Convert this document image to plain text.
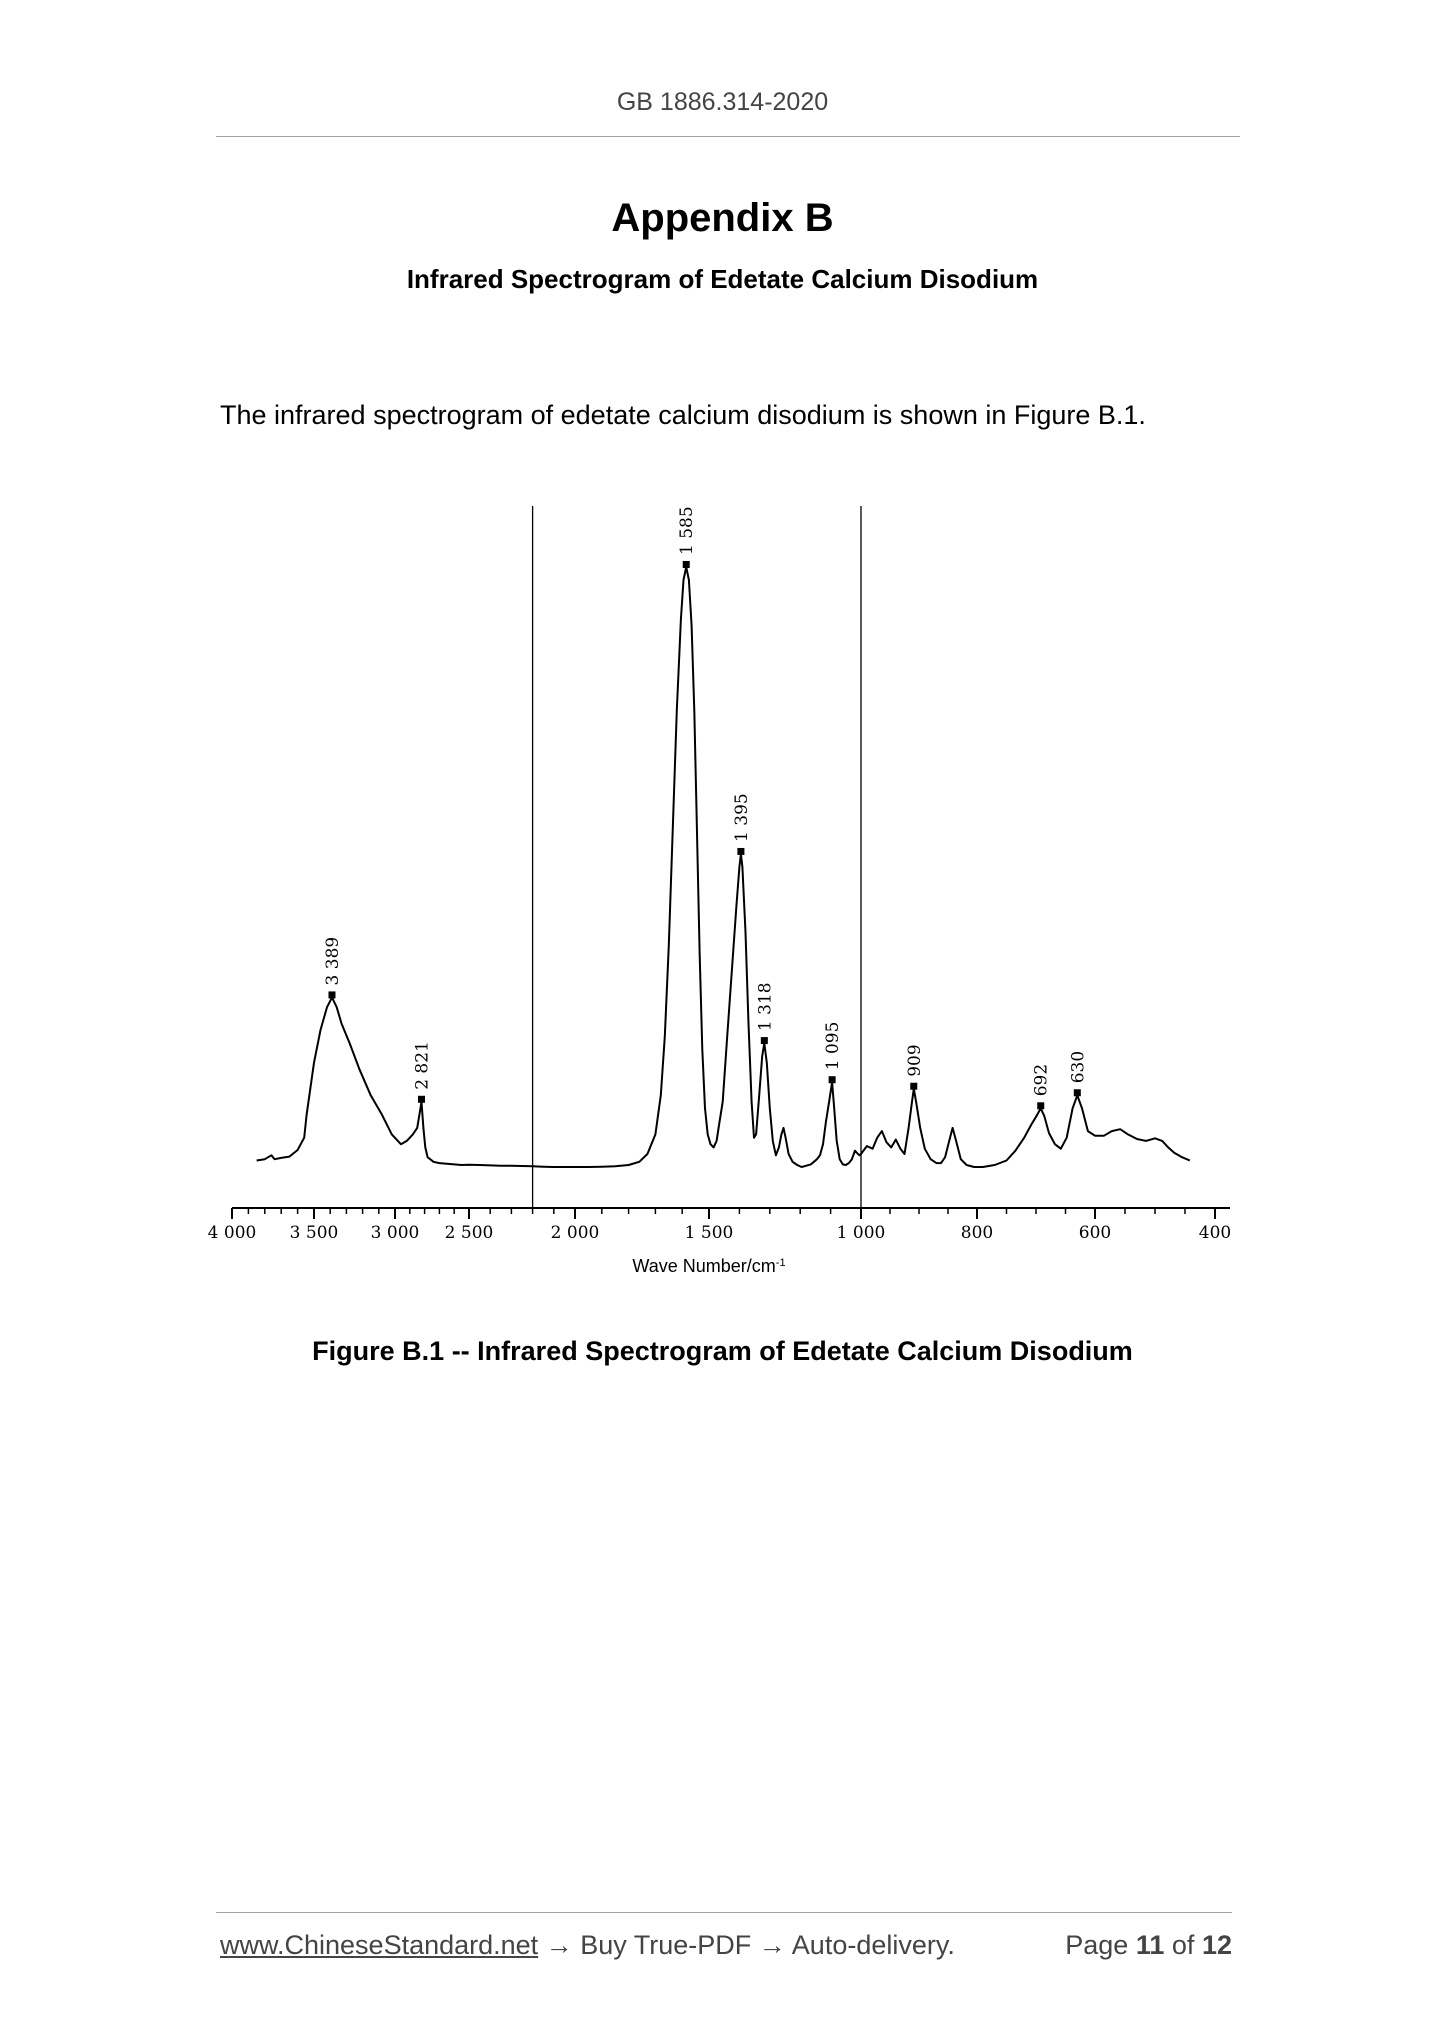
GB 1886.314-2020
Appendix B
Infrared Spectrogram of Edetate Calcium Disodium
The infrared spectrogram of edetate calcium disodium is shown in Figure B.1.
4 000 3 500 3 000 2 500	2 000	1 500	1 000	800	600	400
3 389
2 821
1 585
1 395
1 318
1 095	909
692 630
Wave Number/$cm^{-1}$
Figure B.1 -- Infrared Spectrogram of Edetate Calcium Disodium
www.ChineseStandard.net → Buy True-PDF → Auto-delivery.	Page 11 of 12
